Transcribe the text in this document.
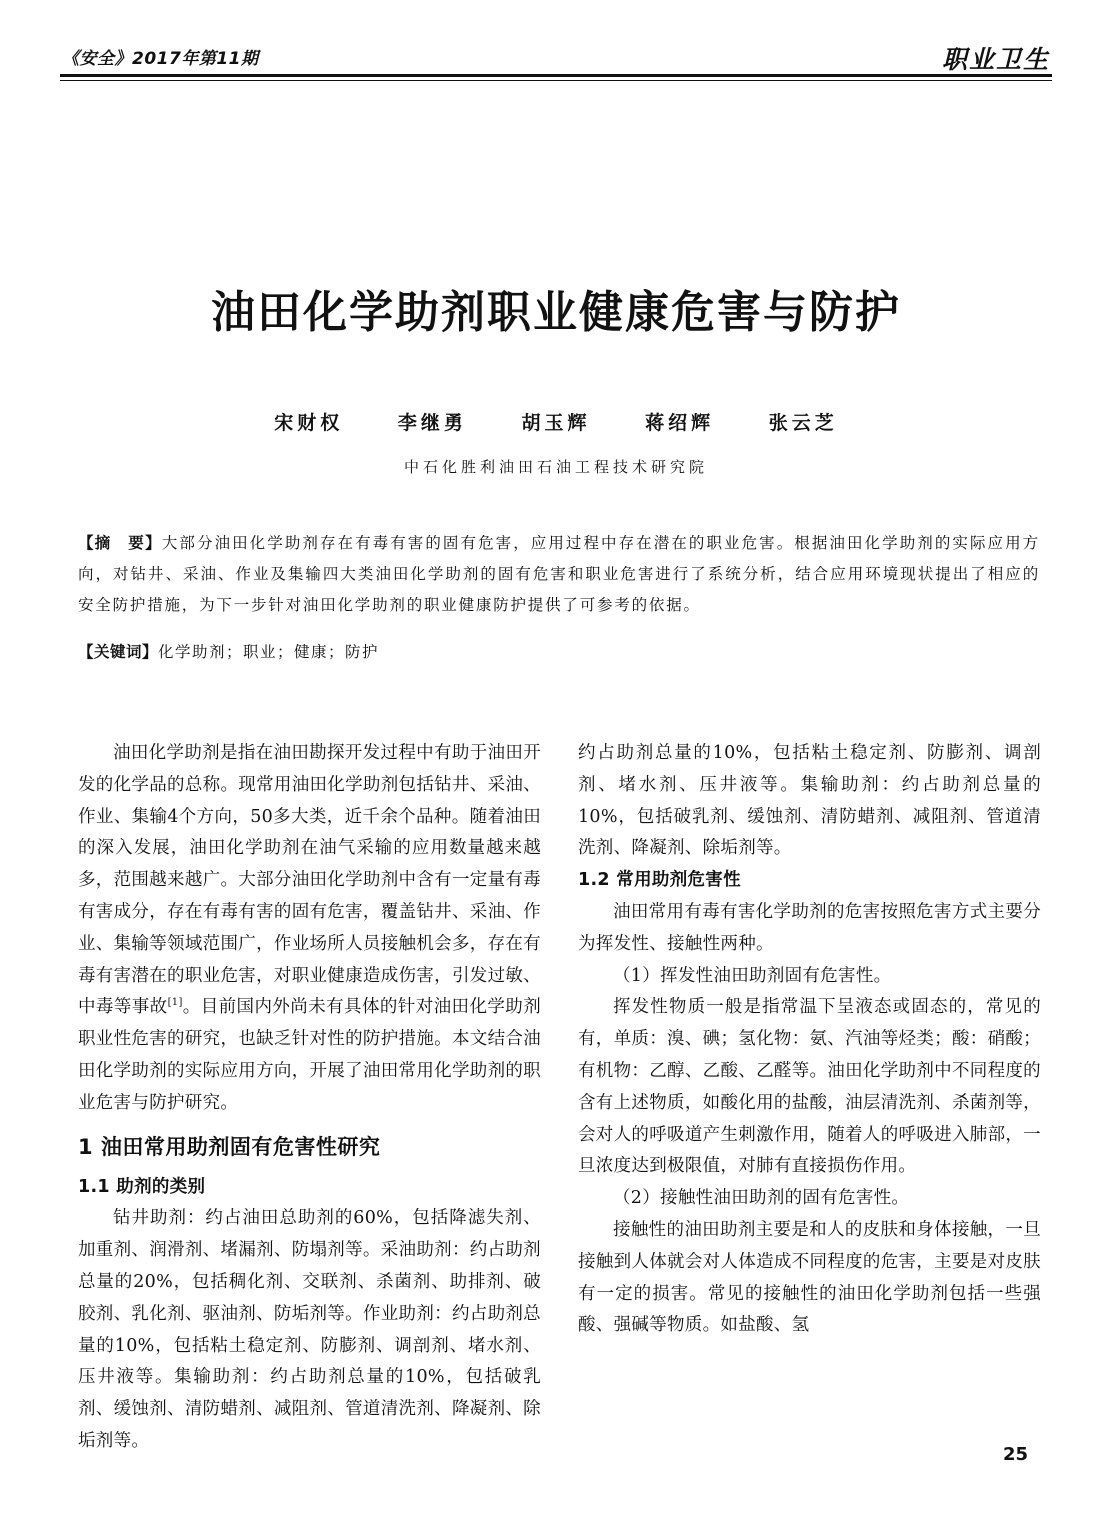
《安全》2017年第11期	职业卫生
油田化学助剂职业健康危害与防护
宋财权	李继勇	胡玉辉	蒋绍辉	张云芝
中石化胜利油田石油工程技术研究院
【摘　要】大部分油田化学助剂存在有毒有害的固有危害，应用过程中存在潜在的职业危害。根据油田化学助剂的实际应用方向，对钻井、采油、作业及集输四大类油田化学助剂的固有危害和职业危害进行了系统分析，结合应用环境现状提出了相应的安全防护措施，为下一步针对油田化学助剂的职业健康防护提供了可参考的依据。
【关键词】化学助剂；职业；健康；防护

油田化学助剂是指在油田勘探开发过程中有助于油田开发的化学品的总称。现常用油田化学助剂包括钻井、采油、作业、集输4个方向，50多大类，近千余个品种。随着油田的深入发展，油田化学助剂在油气采输的应用数量越来越多，范围越来越广。大部分油田化学助剂中含有一定量有毒有害成分，存在有毒有害的固有危害，覆盖钻井、采油、作业、集输等领域范围广，作业场所人员接触机会多，存在有毒有害潜在的职业危害，对职业健康造成伤害，引发过敏、中毒等事故[1]。目前国内外尚未有具体的针对油田化学助剂职业性危害的研究，也缺乏针对性的防护措施。本文结合油田化学助剂的实际应用方向，开展了油田常用化学助剂的职业危害与防护研究。

1 油田常用助剂固有危害性研究
1.1 助剂的类别

钻井助剂：约占油田总助剂的60%，包括降滤失剂、加重剂、润滑剂、堵漏剂、防塌剂等。采油助剂：约占助剂总量的20%，包括稠化剂、交联剂、杀菌剂、助排剂、破胶剂、乳化剂、驱油剂、防垢剂等。作业助剂：约占助剂总量的10%，包括粘土稳定剂、防膨剂、调剖剂、堵水剂、压井液等。集输助剂：约占助剂总量的10%，包括破乳剂、缓蚀剂、清防蜡剂、减阻剂、管道清洗剂、降凝剂、除垢剂等。

约占助剂总量的10%，包括粘土稳定剂、防膨剂、调剖剂、堵水剂、压井液等。集输助剂：约占助剂总量的10%，包括破乳剂、缓蚀剂、清防蜡剂、减阻剂、管道清洗剂、降凝剂、除垢剂等。

1.2 常用助剂危害性

油田常用有毒有害化学助剂的危害按照危害方式主要分为挥发性、接触性两种。

（1）挥发性油田助剂固有危害性。

挥发性物质一般是指常温下呈液态或固态的，常见的有，单质：溴、碘；氢化物：氨、汽油等烃类；酸：硝酸；有机物：乙醇、乙酸、乙醛等。油田化学助剂中不同程度的含有上述物质，如酸化用的盐酸，油层清洗剂、杀菌剂等，会对人的呼吸道产生刺激作用，随着人的呼吸进入肺部，一旦浓度达到极限值，对肺有直接损伤作用。

（2）接触性油田助剂的固有危害性。

接触性的油田助剂主要是和人的皮肤和身体接触，一旦接触到人体就会对人体造成不同程度的危害，主要是对皮肤有一定的损害。常见的接触性的油田化学助剂包括一些强酸、强碱等物质。如盐酸、氢

25
